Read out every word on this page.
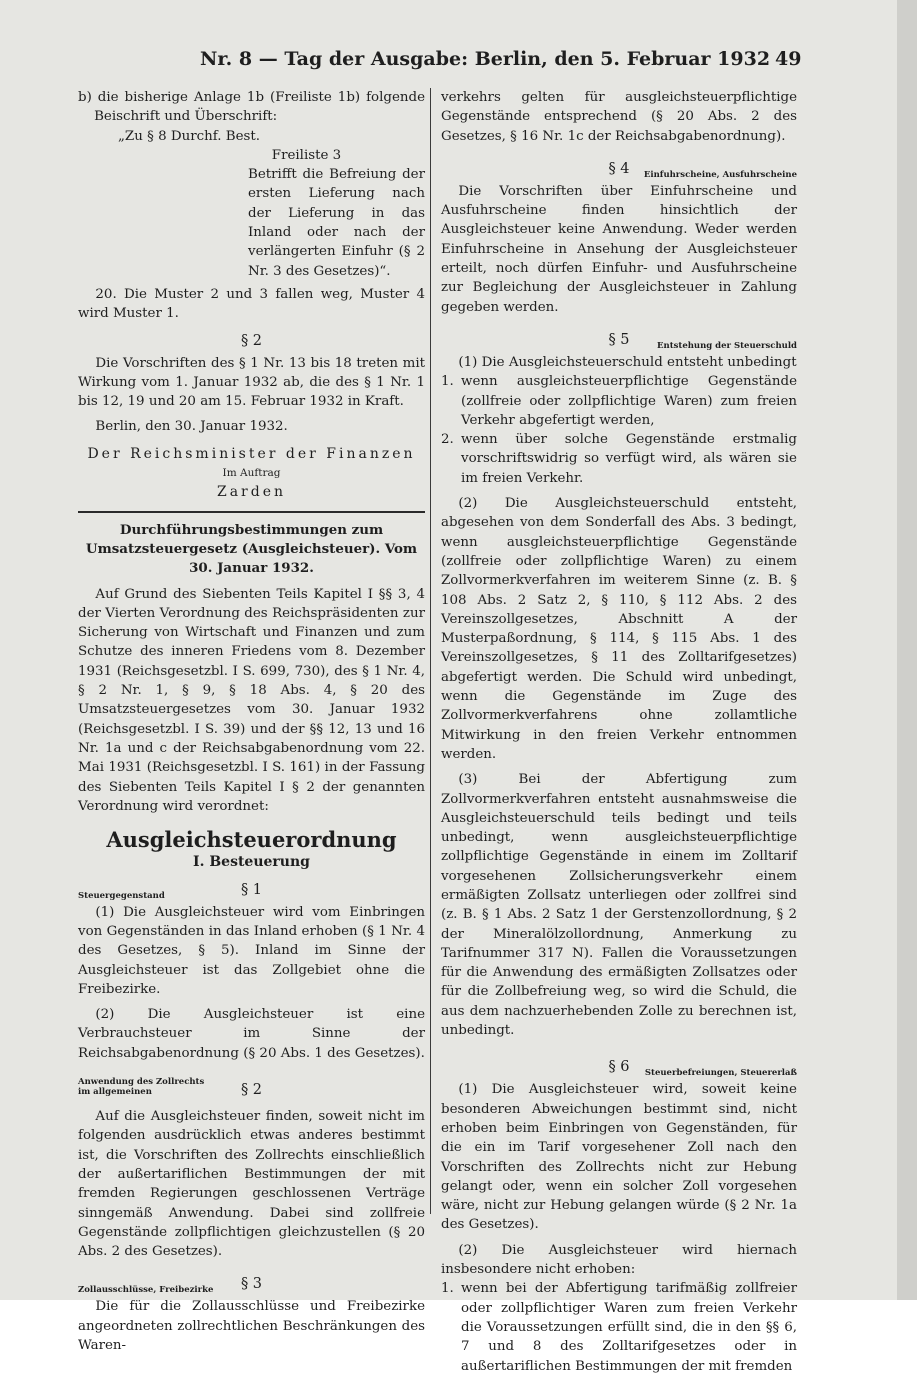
Nr. 8 — Tag der Ausgabe: Berlin, den 5. Februar 1932 49

b) die bisherige Anlage 1b (Freiliste 1b) folgende Beischrift und Überschrift:

„Zu § 8 Durchf. Best.

Freiliste 3

Betrifft die Befreiung der ersten Lieferung nach der Lieferung in das Inland oder nach der verlängerten Einfuhr (§ 2 Nr. 3 des Gesetzes)“.

20. Die Muster 2 und 3 fallen weg, Muster 4 wird Muster 1.

§ 2

Die Vorschriften des § 1 Nr. 13 bis 18 treten mit Wirkung vom 1. Januar 1932 ab, die des § 1 Nr. 1 bis 12, 19 und 20 am 15. Februar 1932 in Kraft.

Berlin, den 30. Januar 1932.

Der Reichsminister der Finanzen

Im Auftrag

Zarden

Durchführungsbestimmungen zum Umsatzsteuergesetz (Ausgleichsteuer). Vom 30. Januar 1932.

Auf Grund des Siebenten Teils Kapitel I §§ 3, 4 der Vierten Verordnung des Reichspräsidenten zur Sicherung von Wirtschaft und Finanzen und zum Schutze des inneren Friedens vom 8. Dezember 1931 (Reichsgesetzbl. I S. 699, 730), des § 1 Nr. 4, § 2 Nr. 1, § 9, § 18 Abs. 4, § 20 des Umsatzsteuergesetzes vom 30. Januar 1932 (Reichsgesetzbl. I S. 39) und der §§ 12, 13 und 16 Nr. 1a und c der Reichsabgabenordnung vom 22. Mai 1931 (Reichsgesetzbl. I S. 161) in der Fassung des Siebenten Teils Kapitel I § 2 der genannten Verordnung wird verordnet:

Ausgleichsteuerordnung

I. Besteuerung

Steuergegenstand	§ 1

(1) Die Ausgleichsteuer wird vom Einbringen von Gegenständen in das Inland erhoben (§ 1 Nr. 4 des Gesetzes, § 5). Inland im Sinne der Ausgleichsteuer ist das Zollgebiet ohne die Freibezirke.

(2) Die Ausgleichsteuer ist eine Verbrauchsteuer im Sinne der Reichsabgabenordnung (§ 20 Abs. 1 des Gesetzes).

Anwendung des Zollrechts
im allgemeinen	§ 2

Auf die Ausgleichsteuer finden, soweit nicht im folgenden ausdrücklich etwas anderes bestimmt ist, die Vorschriften des Zollrechts einschließlich der außertariflichen Bestimmungen der mit fremden Regierungen geschlossenen Verträge sinngemäß Anwendung. Dabei sind zollfreie Gegenstände zollpflichtigen gleichzustellen (§ 20 Abs. 2 des Gesetzes).

Zollausschlüsse, Freibezirke	§ 3

Die für die Zollausschlüsse und Freibezirke angeordneten zollrechtlichen Beschränkungen des Waren-

verkehrs gelten für ausgleichsteuerpflichtige Gegenstände entsprechend (§ 20 Abs. 2 des Gesetzes, § 16 Nr. 1c der Reichsabgabenordnung).

§ 4	Einfuhrscheine, Ausfuhrscheine

Die Vorschriften über Einfuhrscheine und Ausfuhrscheine finden hinsichtlich der Ausgleichsteuer keine Anwendung. Weder werden Einfuhrscheine in Ansehung der Ausgleichsteuer erteilt, noch dürfen Einfuhr- und Ausfuhrscheine zur Begleichung der Ausgleichsteuer in Zahlung gegeben werden.

§ 5	Entstehung der Steuerschuld

(1) Die Ausgleichsteuerschuld entsteht unbedingt

1. wenn ausgleichsteuerpflichtige Gegenstände (zollfreie oder zollpflichtige Waren) zum freien Verkehr abgefertigt werden,

2. wenn über solche Gegenstände erstmalig vorschriftswidrig so verfügt wird, als wären sie im freien Verkehr.

(2) Die Ausgleichsteuerschuld entsteht, abgesehen von dem Sonderfall des Abs. 3 bedingt, wenn ausgleichsteuerpflichtige Gegenstände (zollfreie oder zollpflichtige Waren) zu einem Zollvormerkverfahren im weiterem Sinne (z. B. § 108 Abs. 2 Satz 2, § 110, § 112 Abs. 2 des Vereinszollgesetzes, Abschnitt A der Musterpaßordnung, § 114, § 115 Abs. 1 des Vereinszollgesetzes, § 11 des Zolltarifgesetzes) abgefertigt werden. Die Schuld wird unbedingt, wenn die Gegenstände im Zuge des Zollvormerkverfahrens ohne zollamtliche Mitwirkung in den freien Verkehr entnommen werden.

(3) Bei der Abfertigung zum Zollvormerkverfahren entsteht ausnahmsweise die Ausgleichsteuerschuld teils bedingt und teils unbedingt, wenn ausgleichsteuerpflichtige zollpflichtige Gegenstände in einem im Zolltarif vorgesehenen Zollsicherungsverkehr einem ermäßigten Zollsatz unterliegen oder zollfrei sind (z. B. § 1 Abs. 2 Satz 1 der Gerstenzollordnung, § 2 der Mineralölzollordnung, Anmerkung zu Tarifnummer 317 N). Fallen die Voraussetzungen für die Anwendung des ermäßigten Zollsatzes oder für die Zollbefreiung weg, so wird die Schuld, die aus dem nachzuerhebenden Zolle zu berechnen ist, unbedingt.

§ 6	Steuerbefreiungen, Steuererlaß

(1) Die Ausgleichsteuer wird, soweit keine besonderen Abweichungen bestimmt sind, nicht erhoben beim Einbringen von Gegenständen, für die ein im Tarif vorgesehener Zoll nach den Vorschriften des Zollrechts nicht zur Hebung gelangt oder, wenn ein solcher Zoll vorgesehen wäre, nicht zur Hebung gelangen würde (§ 2 Nr. 1a des Gesetzes).

(2) Die Ausgleichsteuer wird hiernach insbesondere nicht erhoben:

1. wenn bei der Abfertigung tarifmäßig zollfreier oder zollpflichtiger Waren zum freien Verkehr die Voraussetzungen erfüllt sind, die in den §§ 6, 7 und 8 des Zolltarifgesetzes oder in außertariflichen Bestimmungen der mit fremden
